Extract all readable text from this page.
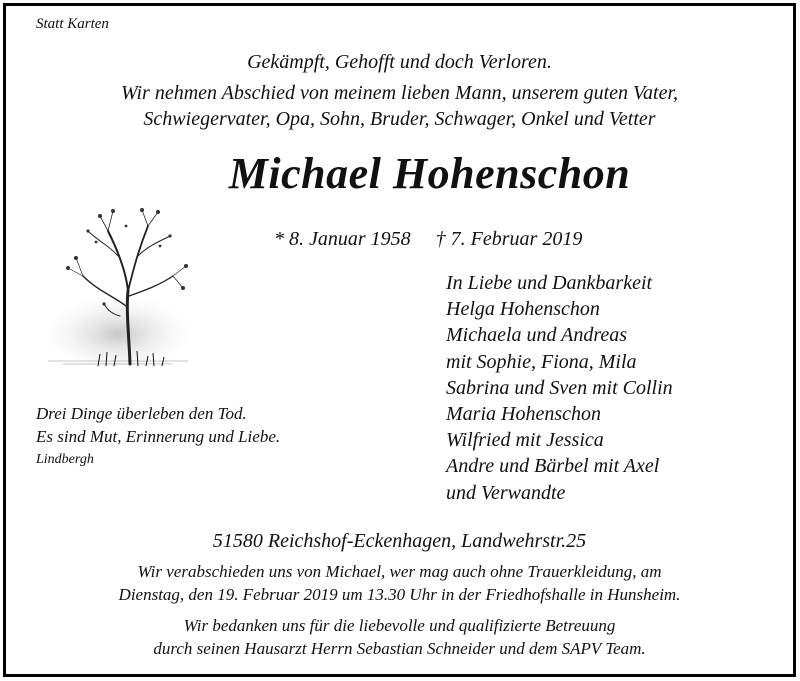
Statt Karten
Gekämpft, Gehofft und doch Verloren.
Wir nehmen Abschied von meinem lieben Mann, unserem guten Vater,
Schwiegervater, Opa, Sohn, Bruder, Schwager, Onkel und Vetter
Michael Hohenschon
* 8. Januar 1958 † 7. Februar 2019
In Liebe und Dankbarkeit
Helga Hohenschon
Michaela und Andreas
mit Sophie, Fiona, Mila
Sabrina und Sven mit Collin
Maria Hohenschon
Wilfried mit Jessica
Andre und Bärbel mit Axel
und Verwandte
Drei Dinge überleben den Tod.
Es sind Mut, Erinnerung und Liebe.
Lindbergh
51580 Reichshof-Eckenhagen, Landwehrstr.25
Wir verabschieden uns von Michael, wer mag auch ohne Trauerkleidung, am
Dienstag, den 19. Februar 2019 um 13.30 Uhr in der Friedhofshalle in Hunsheim.
Wir bedanken uns für die liebevolle und qualifizierte Betreuung
durch seinen Hausarzt Herrn Sebastian Schneider und dem SAPV Team.
